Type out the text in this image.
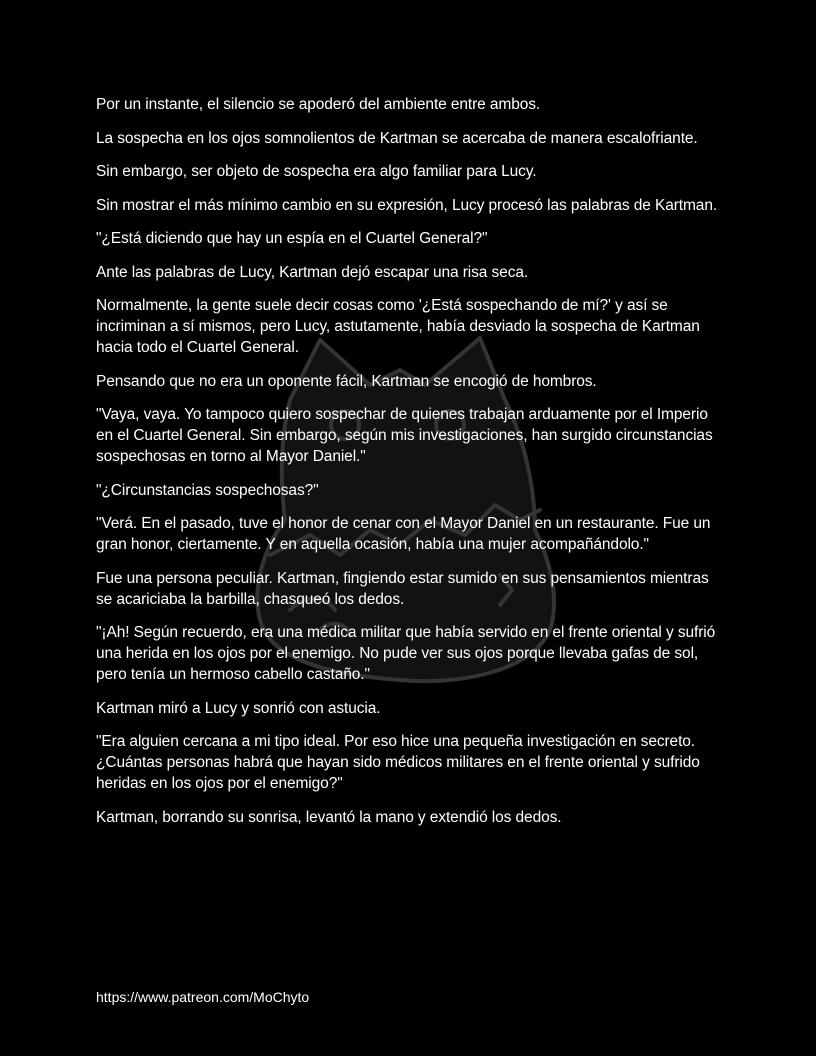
Por un instante, el silencio se apoderó del ambiente entre ambos.

La sospecha en los ojos somnolientos de Kartman se acercaba de manera escalofriante.

Sin embargo, ser objeto de sospecha era algo familiar para Lucy.

Sin mostrar el más mínimo cambio en su expresión, Lucy procesó las palabras de Kartman.

"¿Está diciendo que hay un espía en el Cuartel General?"

Ante las palabras de Lucy, Kartman dejó escapar una risa seca.

Normalmente, la gente suele decir cosas como '¿Está sospechando de mí?' y así se incriminan a sí mismos, pero Lucy, astutamente, había desviado la sospecha de Kartman hacia todo el Cuartel General.

Pensando que no era un oponente fácil, Kartman se encogió de hombros.

"Vaya, vaya. Yo tampoco quiero sospechar de quienes trabajan arduamente por el Imperio en el Cuartel General. Sin embargo, según mis investigaciones, han surgido circunstancias sospechosas en torno al Mayor Daniel."

"¿Circunstancias sospechosas?"

"Verá. En el pasado, tuve el honor de cenar con el Mayor Daniel en un restaurante. Fue un gran honor, ciertamente. Y en aquella ocasión, había una mujer acompañándolo."

Fue una persona peculiar. Kartman, fingiendo estar sumido en sus pensamientos mientras se acariciaba la barbilla, chasqueó los dedos.

"¡Ah! Según recuerdo, era una médica militar que había servido en el frente oriental y sufrió una herida en los ojos por el enemigo. No pude ver sus ojos porque llevaba gafas de sol, pero tenía un hermoso cabello castaño."

Kartman miró a Lucy y sonrió con astucia.

"Era alguien cercana a mi tipo ideal. Por eso hice una pequeña investigación en secreto. ¿Cuántas personas habrá que hayan sido médicos militares en el frente oriental y sufrido heridas en los ojos por el enemigo?"

Kartman, borrando su sonrisa, levantó la mano y extendió los dedos.

https://www.patreon.com/MoChyto
